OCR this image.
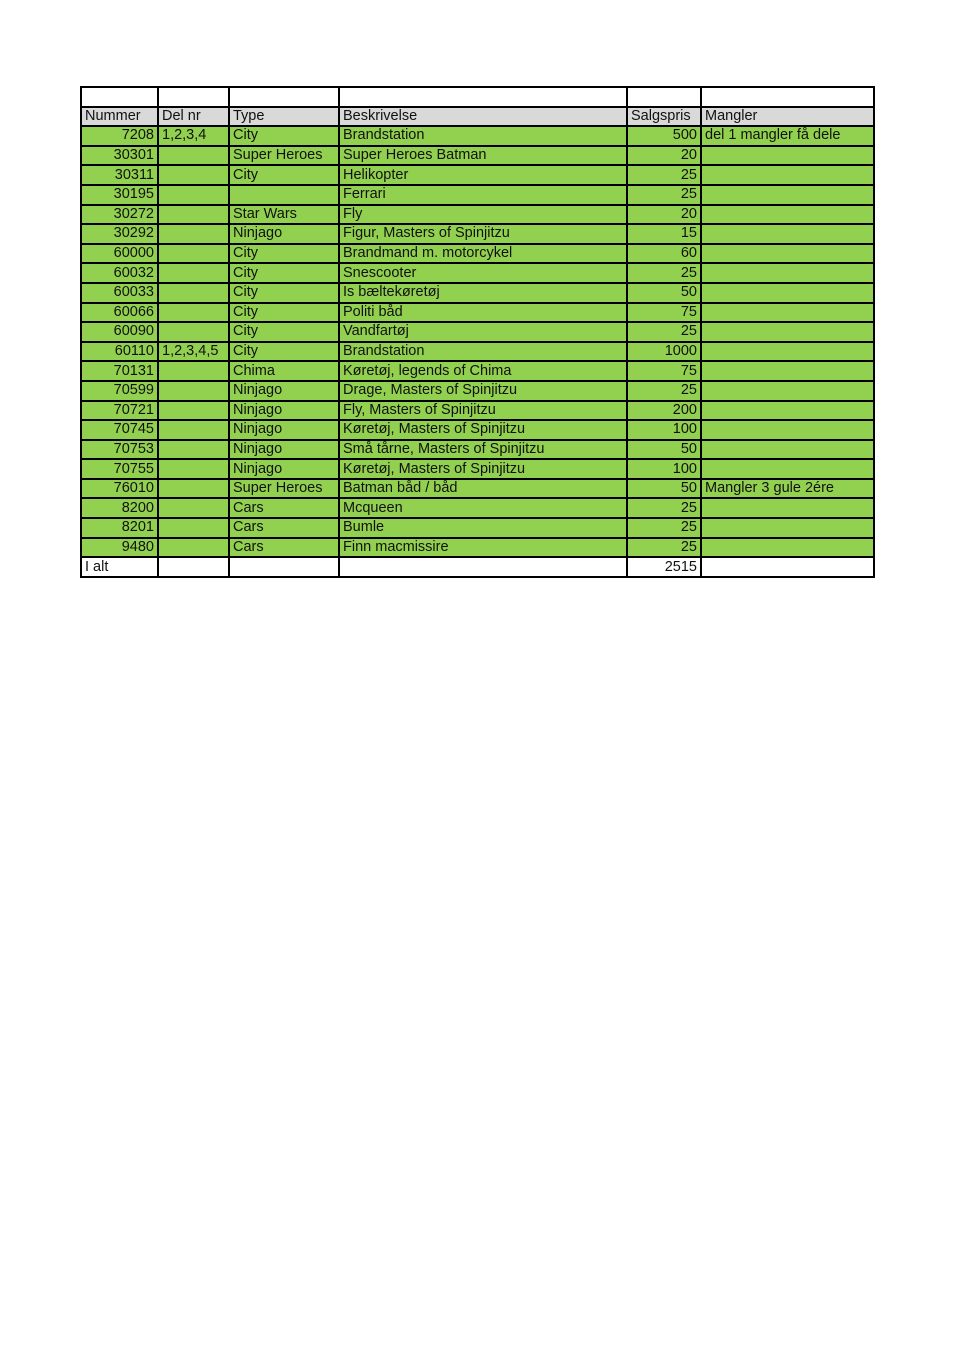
Nummer	Del nr	Type	Beskrivelse	Salgspris	Mangler
7208	1,2,3,4	City	Brandstation	500	del 1 mangler få dele
30301		Super Heroes	Super Heroes Batman	20	
30311		City	Helikopter	25	
30195			Ferrari	25	
30272		Star Wars	Fly	20	
30292		Ninjago	Figur, Masters of Spinjitzu	15	
60000		City	Brandmand m. motorcykel	60	
60032		City	Snescooter	25	
60033		City	Is bæltekøretøj	50	
60066		City	Politi båd	75	
60090		City	Vandfartøj	25	
60110	1,2,3,4,5	City	Brandstation	1000	
70131		Chima	Køretøj, legends of Chima	75	
70599		Ninjago	Drage, Masters of Spinjitzu	25	
70721		Ninjago	Fly, Masters of Spinjitzu	200	
70745		Ninjago	Køretøj, Masters of Spinjitzu	100	
70753		Ninjago	Små tårne, Masters of Spinjitzu	50	
70755		Ninjago	Køretøj, Masters of Spinjitzu	100	
76010		Super Heroes	Batman båd / båd	50	Mangler 3 gule 2ére
8200		Cars	Mcqueen	25	
8201		Cars	Bumle	25	
9480		Cars	Finn macmissire	25	
I alt				2515	
